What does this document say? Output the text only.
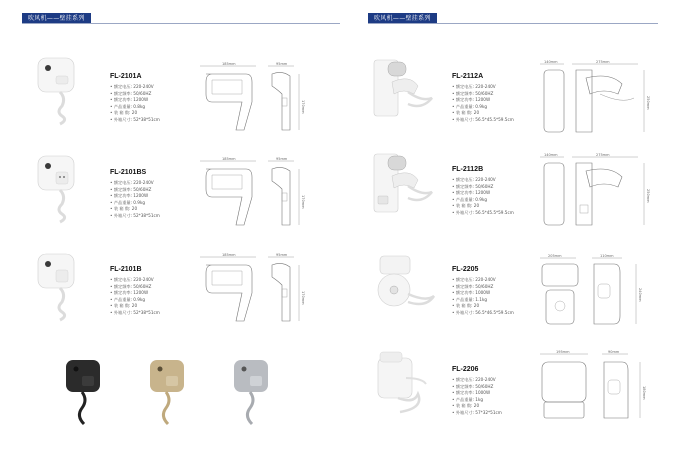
吹风机——壁挂系列
FL-2101A
• 额定电压: 220-240V
• 额定频率: 50/60HZ
• 额定功率: 1200W
• 产品重量: 0.8kg
• 装 箱 数: 20
• 外箱尺寸: 52*38*51cm
185mm	95mm
170mm
FL-2101BS
• 额定电压: 220-240V
• 额定频率: 50/60HZ
• 额定功率: 1200W
• 产品重量: 0.9kg
• 装 箱 数: 20
• 外箱尺寸: 52*38*51cm
185mm	95mm
170mm
FL-2101B
• 额定电压: 220-240V
• 额定频率: 50/60HZ
• 额定功率: 1200W
• 产品重量: 0.9kg
• 装 箱 数: 20
• 外箱尺寸: 52*38*51cm
185mm	95mm
170mm
吹风机——壁挂系列
FL-2112A
• 额定电压: 220-240V
• 额定频率: 50/60HZ
• 额定功率: 1200W
• 产品重量: 0.9kg
• 装 箱 数: 20
• 外箱尺寸: 56.5*45.5*59.5cm
140mm	275mm
250mm
FL-2112B
• 额定电压: 220-240V
• 额定频率: 50/60HZ
• 额定功率: 1200W
• 产品重量: 0.9kg
• 装 箱 数: 20
• 外箱尺寸: 56.5*45.5*59.5cm
140mm	275mm
250mm
FL-2205
• 额定电压: 220-240V
• 额定频率: 50/60HZ
• 额定功率: 1000W
• 产品重量: 1.1kg
• 装 箱 数: 20
• 外箱尺寸: 56.5*46.5*59.5cm
205mm	110mm
240mm
FL-2206
• 额定电压: 220-240V
• 额定频率: 50/60HZ
• 额定功率: 1000W
• 产品重量: 1kg
• 装 箱 数: 20
• 外箱尺寸: 57*32*51cm
195mm	90mm
180mm
